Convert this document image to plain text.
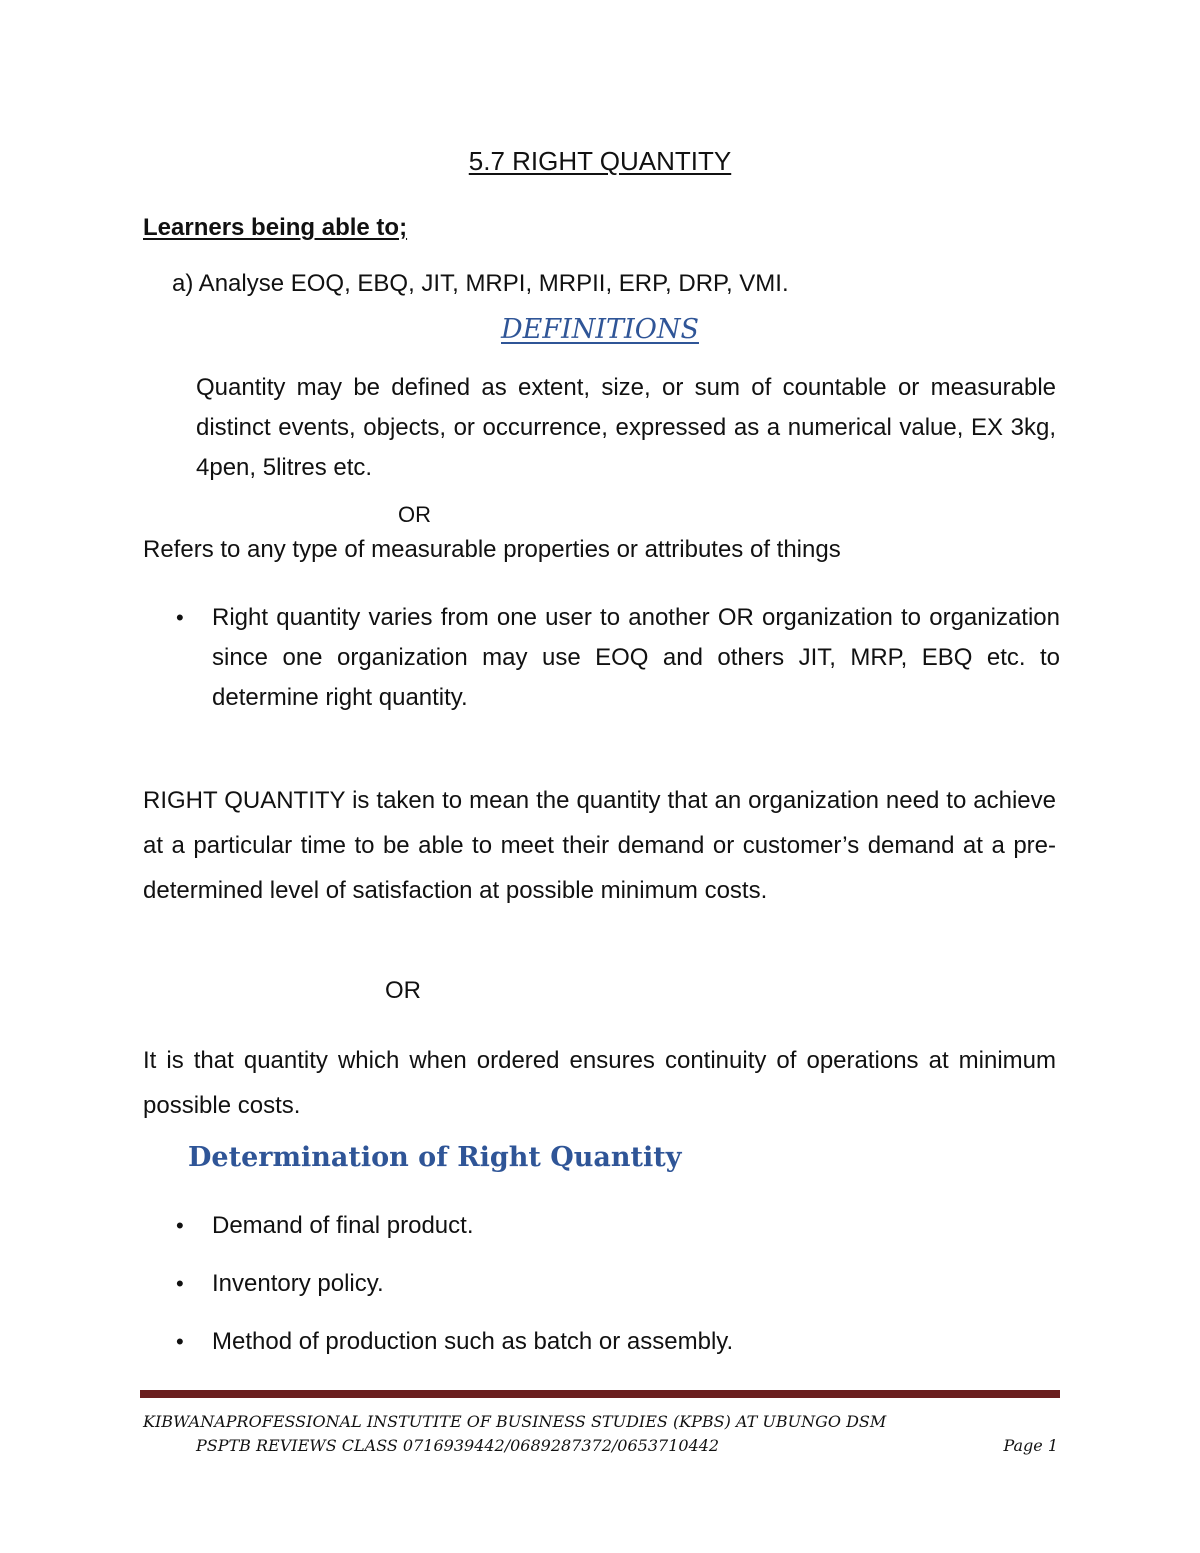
5.7 RIGHT QUANTITY
Learners being able to;
a) Analyse EOQ, EBQ, JIT, MRPI, MRPII, ERP, DRP, VMI.
DEFINITIONS
Quantity may be defined as extent, size, or sum of countable or measurable distinct events, objects, or occurrence, expressed as a numerical value, EX 3kg, 4pen, 5litres etc.
OR
Refers to any type of measurable properties or attributes of things
• Right quantity varies from one user to another OR organization to organization since one organization may use EOQ and others JIT, MRP, EBQ etc. to determine right quantity.
RIGHT QUANTITY is taken to mean the quantity that an organization need to achieve at a particular time to be able to meet their demand or customer’s demand at a pre-determined level of satisfaction at possible minimum costs.
OR
It is that quantity which when ordered ensures continuity of operations at minimum possible costs.
Determination of Right Quantity
• Demand of final product.
• Inventory policy.
• Method of production such as batch or assembly.
KIBWANAPROFESSIONAL INSTUTITE OF BUSINESS STUDIES (KPBS) AT UBUNGO DSM
PSPTB REVIEWS CLASS 0716939442/0689287372/0653710442	Page 1
